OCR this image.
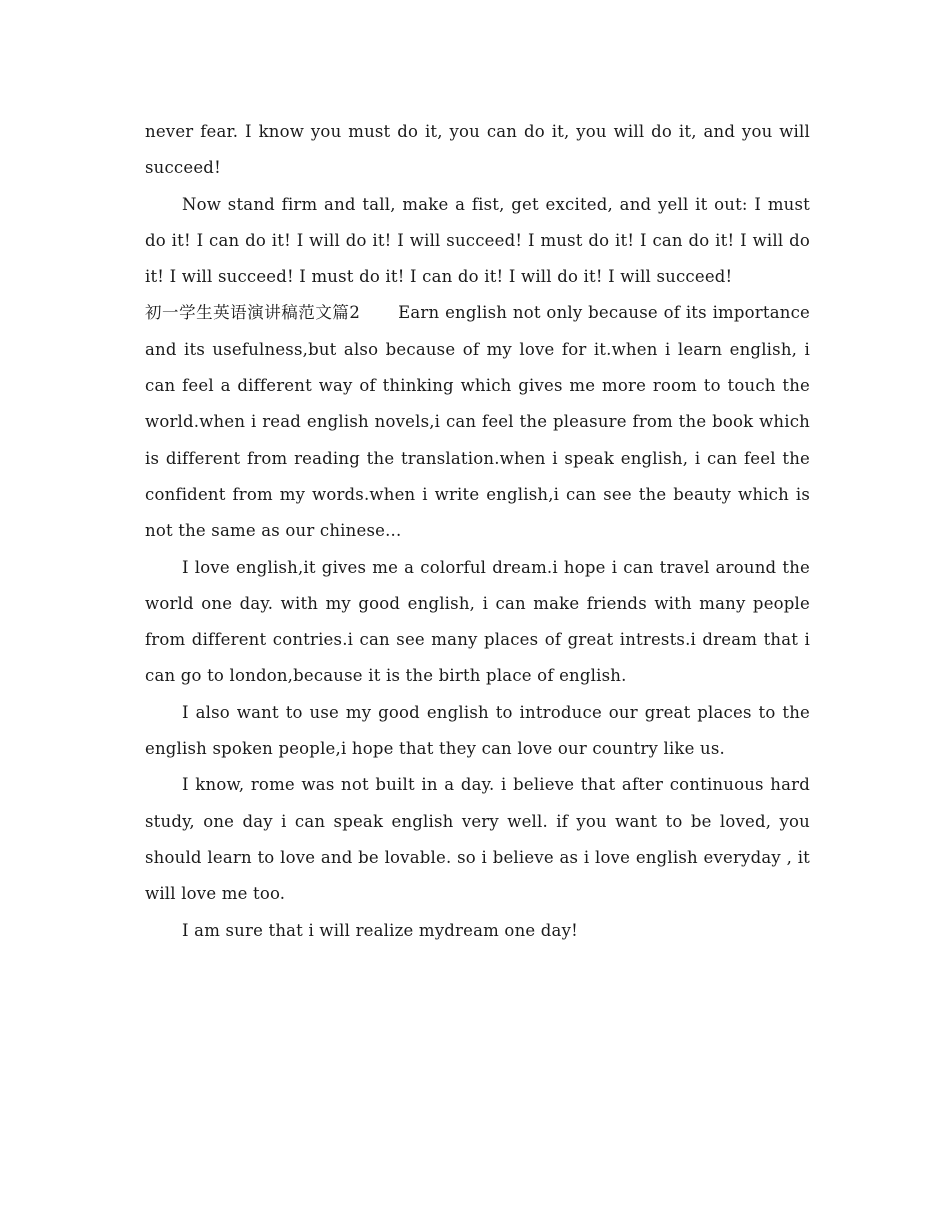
never fear. I know you must do it, you can do it, you will do it, and you will succeed!

Now stand firm and tall, make a fist, get excited, and yell it out: I must do it! I can do it! I will do it! I will succeed! I must do it! I can do it! I will do it! I will succeed! I must do it! I can do it! I will do it! I will succeed!

初一学生英语演讲稿范文篇2 Earn english not only because of its importance and its usefulness,but also because of my love for it.when i learn english, i can feel a different way of thinking which gives me more room to touch the world.when i read english novels,i can feel the pleasure from the book which is different from reading the translation.when i speak english, i can feel the confident from my words.when i write english,i can see the beauty which is not the same as our chinese...

I love english,it gives me a colorful dream.i hope i can travel around the world one day. with my good english, i can make friends with many people from different contries.i can see many places of great intrests.i dream that i can go to london,because it is the birth place of english.

I also want to use my good english to introduce our great places to the english spoken people,i hope that they can love our country like us.

I know, rome was not built in a day. i believe that after continuous hard study, one day i can speak english very well. if you want to be loved, you should learn to love and be lovable. so i believe as i love english everyday , it will love me too.

I am sure that i will realize mydream one day!
